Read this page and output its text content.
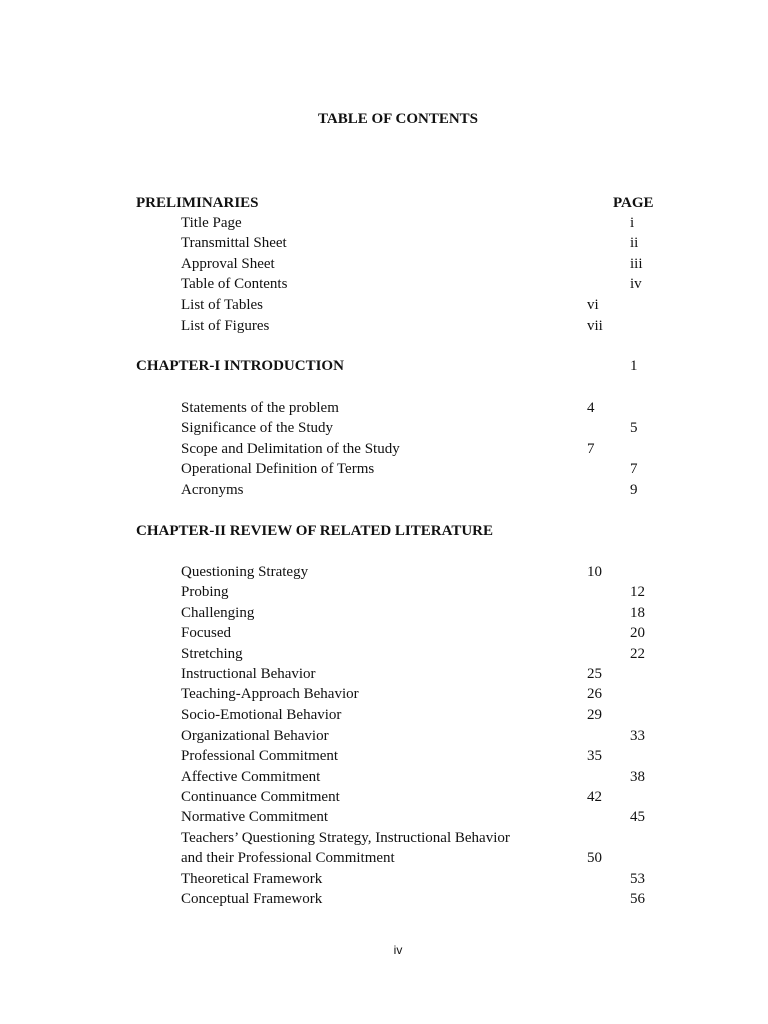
TABLE OF CONTENTS
PRELIMINARIES	PAGE
Title Page	i
Transmittal Sheet	ii
Approval Sheet	iii
Table of Contents	iv
List of Tables	vi
List of Figures	vii
CHAPTER-I INTRODUCTION	1
Statements of the problem	4
Significance of the Study	5
Scope and Delimitation of the Study	7
Operational Definition of Terms	7
Acronyms	9
CHAPTER-II REVIEW OF RELATED LITERATURE
Questioning Strategy	10
Probing	12
Challenging	18
Focused	20
Stretching	22
Instructional Behavior	25
Teaching-Approach Behavior	26
Socio-Emotional Behavior	29
Organizational Behavior	33
Professional Commitment	35
Affective Commitment	38
Continuance Commitment	42
Normative Commitment	45
Teachers’ Questioning Strategy, Instructional Behavior
and their Professional Commitment	50
Theoretical Framework	53
Conceptual Framework	56
iv
